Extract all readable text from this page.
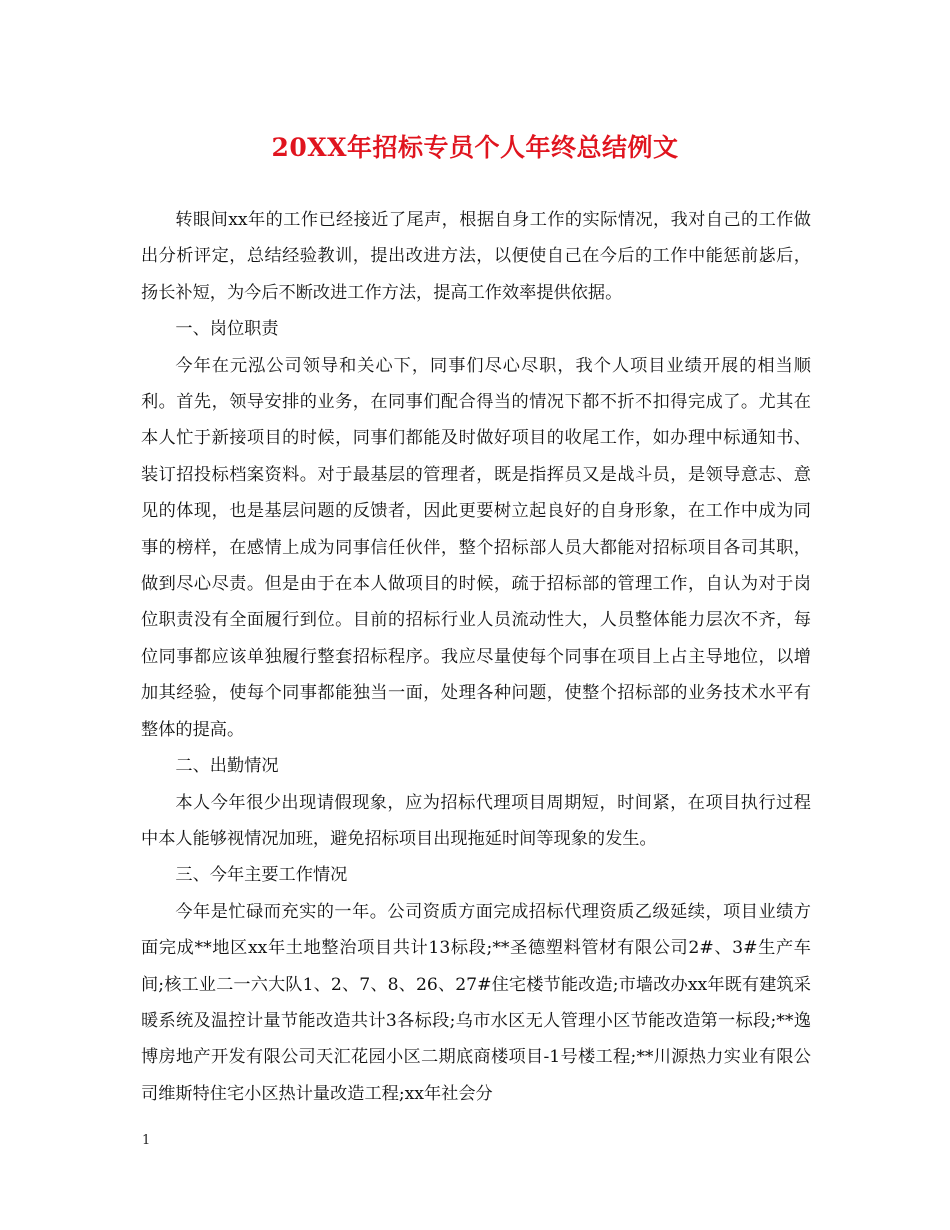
20XX年招标专员个人年终总结例文

转眼间xx年的工作已经接近了尾声，根据自身工作的实际情况，我对自己的工作做出分析评定，总结经验教训，提出改进方法，以便使自己在今后的工作中能惩前毖后，扬长补短，为今后不断改进工作方法，提高工作效率提供依据。

一、岗位职责

今年在元泓公司领导和关心下，同事们尽心尽职，我个人项目业绩开展的相当顺利。首先，领导安排的业务，在同事们配合得当的情况下都不折不扣得完成了。尤其在本人忙于新接项目的时候，同事们都能及时做好项目的收尾工作，如办理中标通知书、装订招投标档案资料。对于最基层的管理者，既是指挥员又是战斗员，是领导意志、意见的体现，也是基层问题的反馈者，因此更要树立起良好的自身形象，在工作中成为同事的榜样，在感情上成为同事信任伙伴，整个招标部人员大都能对招标项目各司其职，做到尽心尽责。但是由于在本人做项目的时候，疏于招标部的管理工作，自认为对于岗位职责没有全面履行到位。目前的招标行业人员流动性大，人员整体能力层次不齐，每位同事都应该单独履行整套招标程序。我应尽量使每个同事在项目上占主导地位，以增加其经验，使每个同事都能独当一面，处理各种问题，使整个招标部的业务技术水平有整体的提高。

二、出勤情况

本人今年很少出现请假现象，应为招标代理项目周期短，时间紧，在项目执行过程中本人能够视情况加班，避免招标项目出现拖延时间等现象的发生。

三、今年主要工作情况

今年是忙碌而充实的一年。公司资质方面完成招标代理资质乙级延续，项目业绩方面完成**地区xx年土地整治项目共计13标段;**圣德塑料管材有限公司2#、3#生产车间;核工业二一六大队1、2、7、8、26、27#住宅楼节能改造;市墙改办xx年既有建筑采暖系统及温控计量节能改造共计3各标段;乌市水区无人管理小区节能改造第一标段;**逸博房地产开发有限公司天汇花园小区二期底商楼项目-1号楼工程;**川源热力实业有限公司维斯特住宅小区热计量改造工程;xx年社会分

1
